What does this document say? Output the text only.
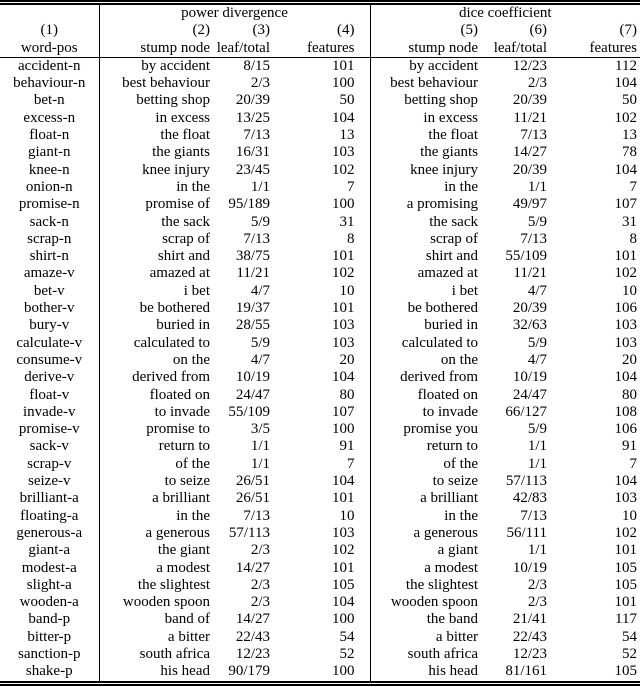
	power divergence			dice coefficient		
(1)	(2)	(3)	(4)	(5)	(6)	(7)
word-pos	stump node	leaf/total	features	stump node	leaf/total	features
accident-n	by accident	8/15	101	by accident	12/23	112
behaviour-n	best behaviour	2/3	100	best behaviour	2/3	104
bet-n	betting shop	20/39	50	betting shop	20/39	50
excess-n	in excess	13/25	104	in excess	11/21	102
float-n	the float	7/13	13	the float	7/13	13
giant-n	the giants	16/31	103	the giants	14/27	78
knee-n	knee injury	23/45	102	knee injury	20/39	104
onion-n	in the	1/1	7	in the	1/1	7
promise-n	promise of	95/189	100	a promising	49/97	107
sack-n	the sack	5/9	31	the sack	5/9	31
scrap-n	scrap of	7/13	8	scrap of	7/13	8
shirt-n	shirt and	38/75	101	shirt and	55/109	101
amaze-v	amazed at	11/21	102	amazed at	11/21	102
bet-v	i bet	4/7	10	i bet	4/7	10
bother-v	be bothered	19/37	101	be bothered	20/39	106
bury-v	buried in	28/55	103	buried in	32/63	103
calculate-v	calculated to	5/9	103	calculated to	5/9	103
consume-v	on the	4/7	20	on the	4/7	20
derive-v	derived from	10/19	104	derived from	10/19	104
float-v	floated on	24/47	80	floated on	24/47	80
invade-v	to invade	55/109	107	to invade	66/127	108
promise-v	promise to	3/5	100	promise you	5/9	106
sack-v	return to	1/1	91	return to	1/1	91
scrap-v	of the	1/1	7	of the	1/1	7
seize-v	to seize	26/51	104	to seize	57/113	104
brilliant-a	a brilliant	26/51	101	a brilliant	42/83	103
floating-a	in the	7/13	10	in the	7/13	10
generous-a	a generous	57/113	103	a generous	56/111	102
giant-a	the giant	2/3	102	a giant	1/1	101
modest-a	a modest	14/27	101	a modest	10/19	105
slight-a	the slightest	2/3	105	the slightest	2/3	105
wooden-a	wooden spoon	2/3	104	wooden spoon	2/3	101
band-p	band of	14/27	100	the band	21/41	117
bitter-p	a bitter	22/43	54	a bitter	22/43	54
sanction-p	south africa	12/23	52	south africa	12/23	52
shake-p	his head	90/179	100	his head	81/161	105
